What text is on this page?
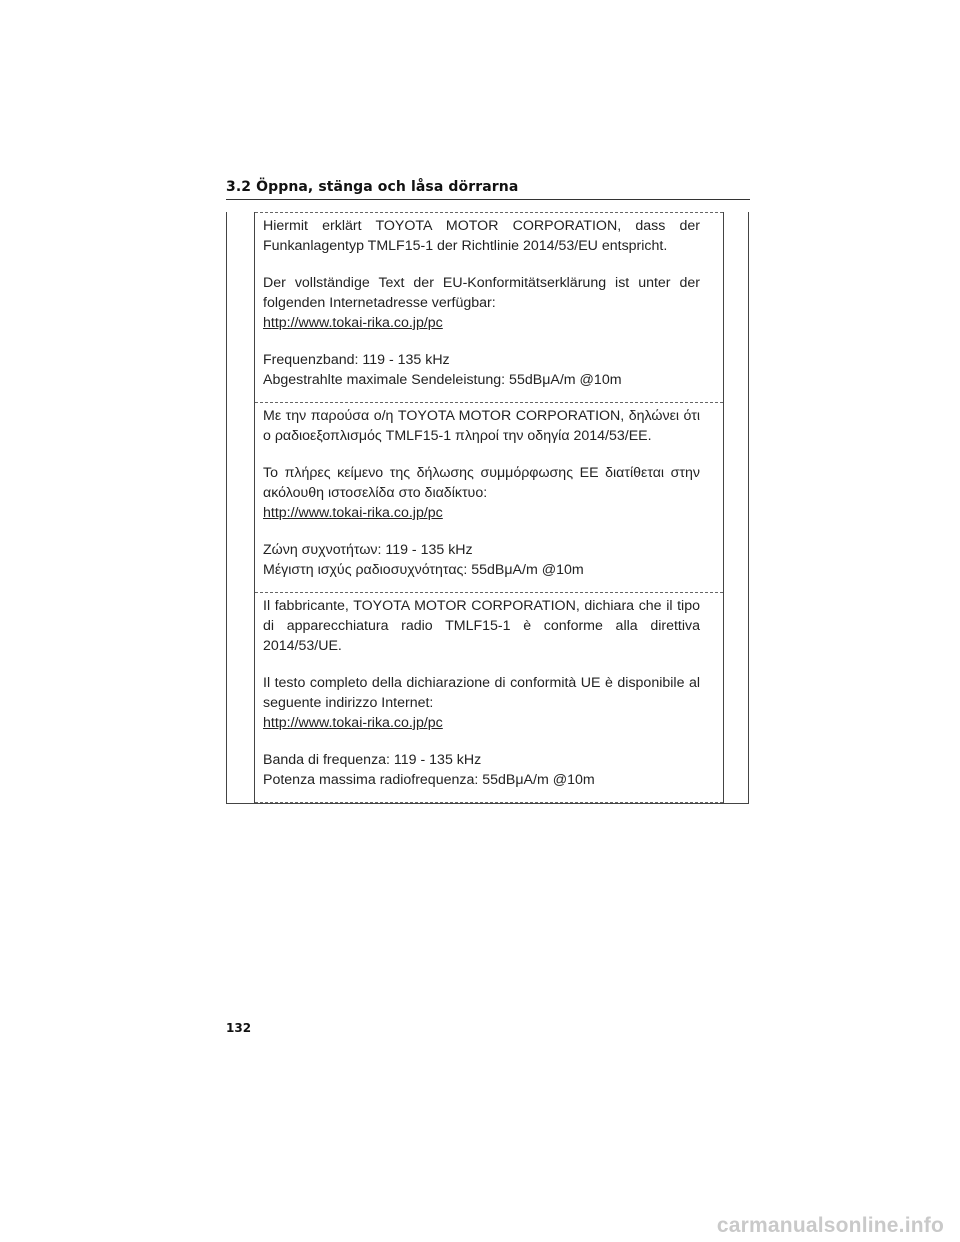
3.2 Öppna, stänga och låsa dörrarna

Hiermit erklärt TOYOTA MOTOR CORPORATION, dass der
Funkanlagentyp TMLF15-1 der Richtlinie 2014/53/EU entspricht.

Der vollständige Text der EU-Konformitätserklärung ist unter der
folgenden Internetadresse verfügbar:

http://www.tokai-rika.co.jp/pc

Frequenzband: 119 - 135 kHz
Abgestrahlte maximale Sendeleistung: 55dBμA/m @10m

Με την παρούσα ο/η TOYOTA MOTOR CORPORATION, δηλώνει ότι
ο ραδιοεξοπλισμός TMLF15-1 πληροί την οδηγία 2014/53/ΕΕ.

Το πλήρες κείμενο της δήλωσης συμμόρφωσης ΕΕ διατίθεται στην
ακόλουθη ιστοσελίδα στο διαδίκτυο:

http://www.tokai-rika.co.jp/pc

Ζώνη συχνοτήτων: 119 - 135 kHz
Μέγιστη ισχύς ραδιοσυχνότητας: 55dBμA/m @10m

Il fabbricante, TOYOTA MOTOR CORPORATION, dichiara che il tipo
di apparecchiatura radio TMLF15-1 è conforme alla direttiva
2014/53/UE.

Il testo completo della dichiarazione di conformità UE è disponibile al
seguente indirizzo Internet:

http://www.tokai-rika.co.jp/pc

Banda di frequenza: 119 - 135 kHz
Potenza massima radiofrequenza: 55dBμA/m @10m

132
carmanualsonline.info
